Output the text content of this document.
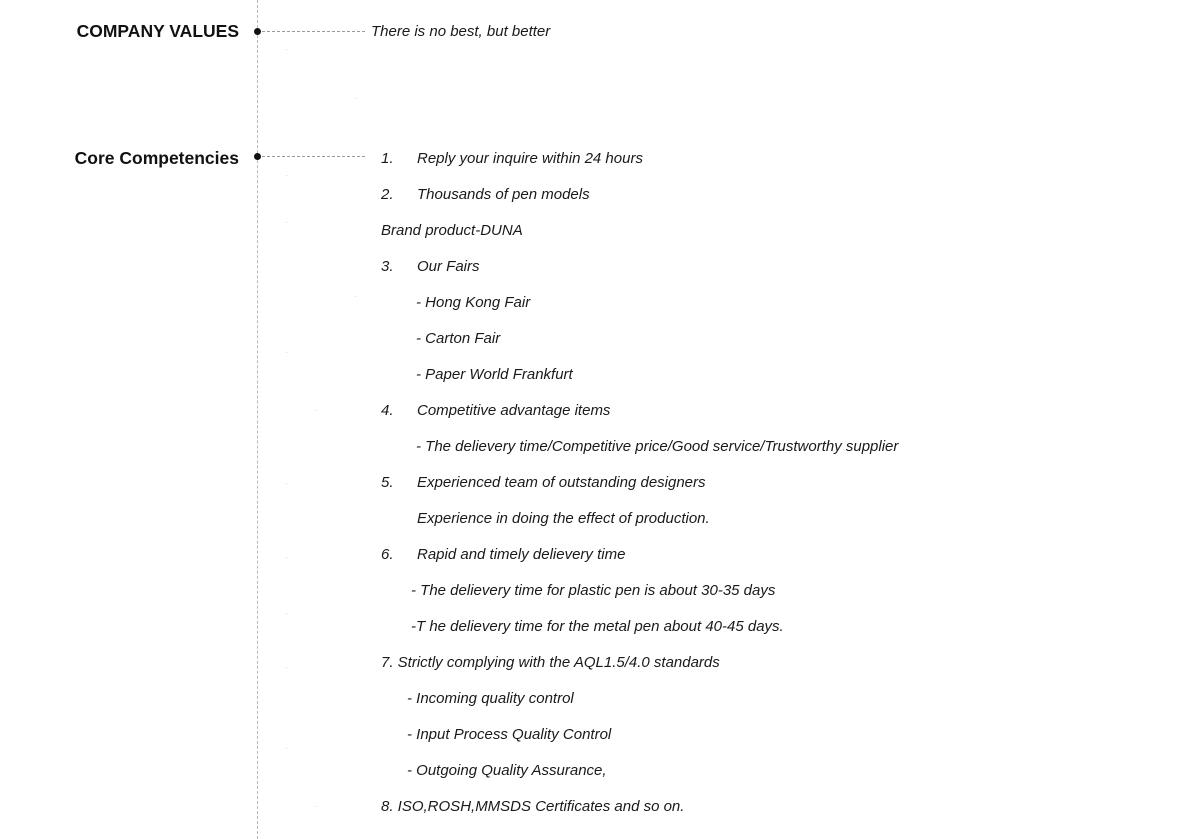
COMPANY VALUES	There is no best, but better
Core Competencies	1. Reply your inquire within 24 hours
2. Thousands of pen models
Brand product-DUNA
3. Our Fairs
- Hong Kong Fair
- Carton Fair
- Paper World Frankfurt
4. Competitive advantage items
- The delievery time/Competitive price/Good service/Trustworthy supplier
5. Experienced team of outstanding designers
Experience in doing the effect of production.
6. Rapid and timely delievery time
- The delievery time for plastic pen is about 30-35 days
-T he delievery time for the metal pen about 40-45 days.
7. Strictly complying with the AQL1.5/4.0 standards
- Incoming quality control
- Input Process Quality Control
- Outgoing Quality Assurance,
8. ISO,ROSH,MMSDS Certificates and so on.
